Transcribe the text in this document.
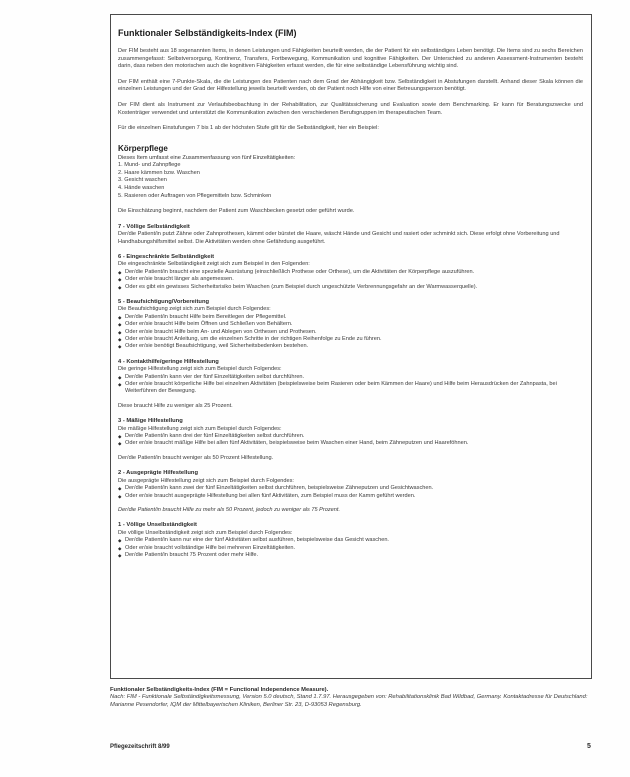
Funktionaler Selbständigkeits-Index (FIM)
Der FIM besteht aus 18 sogenannten Items, in denen Leistungen und Fähigkeiten beurteilt werden, die der Patient für ein selbständiges Leben benötigt. Die Items sind zu sechs Bereichen zusammengefasst: Selbstversorgung, Kontinenz, Transfers, Fortbewegung, Kommunikation und kognitive Fähigkeiten. Der Unterschied zu anderen Assessment-Instrumenten besteht darin, dass neben den motorischen auch die kognitiven Fähigkeiten erfasst werden, die für eine selbständige Lebensführung wichtig sind.
Der FIM enthält eine 7-Punkte-Skala, die die Leistungen des Patienten nach dem Grad der Abhängigkeit bzw. Selbständigkeit in Abstufungen darstellt. Anhand dieser Skala können die einzelnen Leistungen und der Grad der Hilfestellung jeweils beurteilt werden, ob der Patient noch Hilfe von einer Betreuungsperson benötigt.
Der FIM dient als Instrument zur Verlaufsbeobachtung in der Rehabilitation, zur Qualitätssicherung und Evaluation sowie dem Benchmarking. Er kann für Beratungszwecke und Kostenträger verwendet und unterstützt die Kommunikation zwischen den verschiedenen Berufsgruppen im therapeutischen Team.
Für die einzelnen Einstufungen 7 bis 1 ab der höchsten Stufe gilt für die Selbständigkeit, hier ein Beispiel:
Körperpflege
Dieses Item umfasst eine Zusammenfassung von fünf Einzeltätigkeiten:
1. Mund- und Zahnpflege
2. Haare kämmen bzw. Waschen
3. Gesicht waschen
4. Hände waschen
5. Rasieren oder Auftragen von Pflegemitteln bzw. Schminken
Die Einschätzung beginnt, nachdem der Patient zum Waschbecken gesetzt oder geführt wurde.
7 - Völlige Selbständigkeit
Der/die Patient/in putzt Zähne oder Zahnprothesen, kämmt oder bürstet die Haare, wäscht Hände und Gesicht und rasiert oder schminkt sich. Diese erfolgt ohne Vorbereitung und Handhabungshilfsmittel selbst. Die Aktivitäten werden ohne Gefährdung ausgeführt.
6 - Eingeschränkte Selbständigkeit
Die eingeschränkte Selbständigkeit zeigt sich zum Beispiel in den Folgenden:
◆ Der/die Patient/in braucht eine spezielle Ausrüstung (einschließlich Prothese oder Orthese), um die Aktivitäten der Körperpflege auszuführen.
◆ Oder er/sie braucht länger als angemessen.
◆ Oder es gibt ein gewisses Sicherheitsrisiko beim Waschen (zum Beispiel durch ungeschützte Verbrennungsgefahr an der Warmwasserquelle).
5 - Beaufsichtigung/Vorbereitung
Die Beaufsichtigung zeigt sich zum Beispiel durch Folgendes:
◆ Der/die Patient/in braucht Hilfe beim Bereitlegen der Pflegemittel.
◆ Oder er/sie braucht Hilfe beim Öffnen und Schließen von Behältern.
◆ Oder er/sie braucht Hilfe beim An- und Ablegen von Orthesen und Prothesen.
◆ Oder er/sie braucht Anleitung, um die einzelnen Schritte in der richtigen Reihenfolge zu Ende zu führen.
◆ Oder er/sie benötigt Beaufsichtigung, weil Sicherheitsbedenken bestehen.
4 - Kontakthilfe/geringe Hilfestellung
Die geringe Hilfestellung zeigt sich zum Beispiel durch Folgendes:
◆ Der/die Patient/in kann vier der fünf Einzeltätigkeiten selbst durchführen.
◆ Oder er/sie braucht körperliche Hilfe bei einzelnen Aktivitäten (beispielsweise beim Rasieren oder beim Kämmen der Haare) und Hilfe beim Herausdrücken der Zahnpasta, bei Weiterführen der Bewegung.
Diese braucht Hilfe zu weniger als 25 Prozent.
3 - Mäßige Hilfestellung
Die mäßige Hilfestellung zeigt sich zum Beispiel durch Folgendes:
◆ Der/die Patient/in kann drei der fünf Einzeltätigkeiten selbst durchführen.
◆ Oder er/sie braucht mäßige Hilfe bei allen fünf Aktivitäten, beispielsweise beim Waschen einer Hand, beim Zähneputzen und Haareföhnen.
Der/die Patient/in braucht weniger als 50 Prozent Hilfestellung.
2 - Ausgeprägte Hilfestellung
Die ausgeprägte Hilfestellung zeigt sich zum Beispiel durch Folgendes:
◆ Der/die Patient/in kann zwei der fünf Einzeltätigkeiten selbst durchführen, beispielsweise Zähneputzen und Gesichtwaschen.
◆ Oder er/sie braucht ausgeprägte Hilfestellung bei allen fünf Aktivitäten, zum Beispiel muss der Kamm geführt werden.
Der/die Patient/in braucht Hilfe zu mehr als 50 Prozent, jedoch zu weniger als 75 Prozent.
1 - Völlige Unselbständigkeit
Die völlige Unselbständigkeit zeigt sich zum Beispiel durch Folgendes:
◆ Der/die Patient/in kann nur eine der fünf Aktivitäten selbst ausführen, beispielsweise das Gesicht waschen.
◆ Oder er/sie braucht vollständige Hilfe bei mehreren Einzeltätigkeiten.
◆ Der/die Patient/in braucht 75 Prozent oder mehr Hilfe.
Funktionaler Selbständigkeits-Index (FIM = Functional Independence Measure).
Nach: FIM - Funktionale Selbständigkeitsmessung, Version 5.0 deutsch, Stand 1.7.97. Herausgegeben von: Rehabilitationsklinik Bad Wildbad, Germany. Kontaktadresse für Deutschland: Marianne Pesendorfer, IQM der Mittelbayerischen Kliniken, Berliner Str. 23, D-93053 Regensburg.
Pflegezeitschrift 8/99	5
